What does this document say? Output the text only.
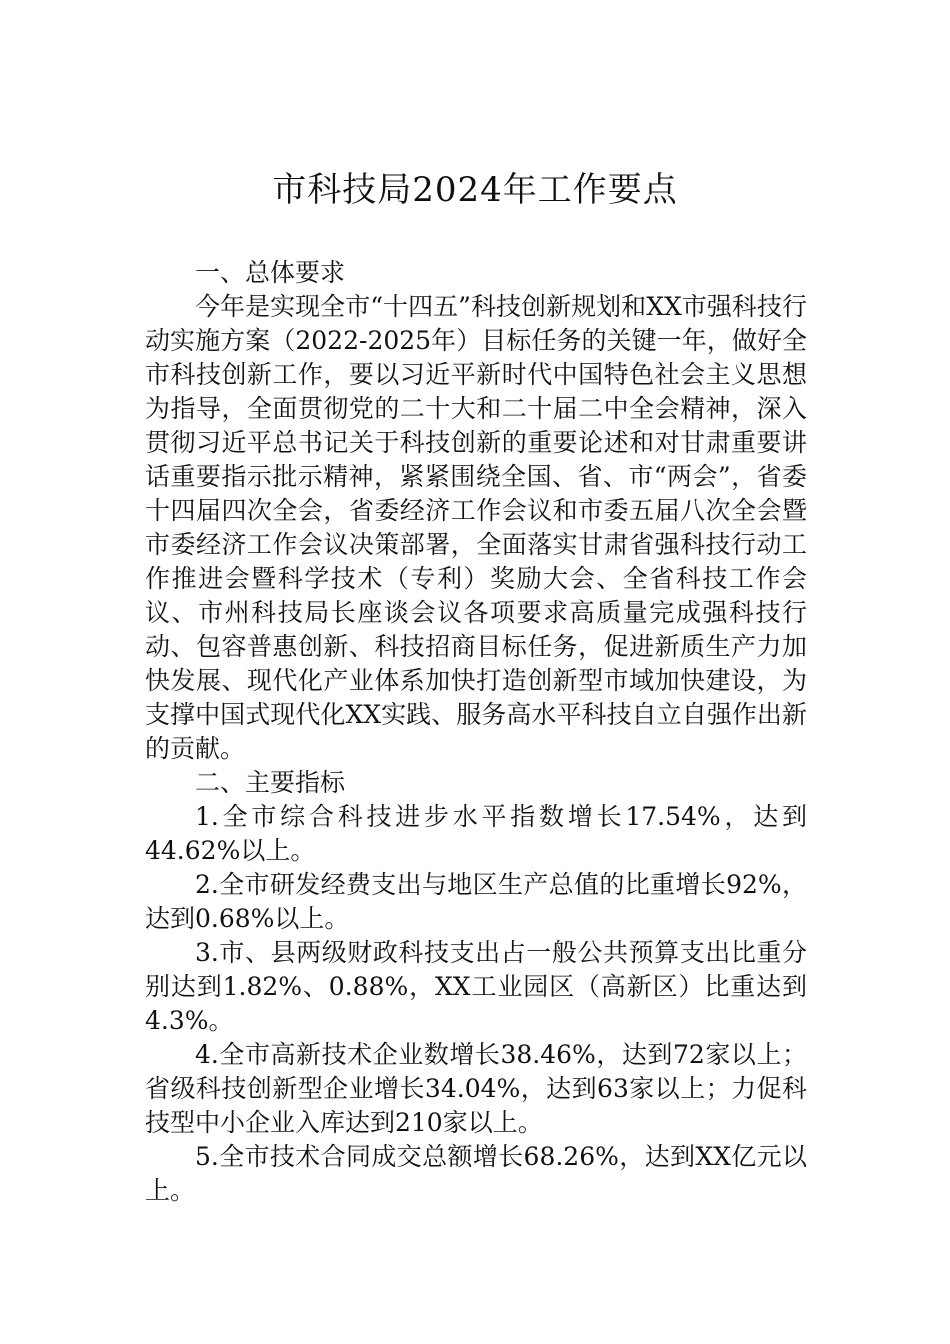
市科技局2024年工作要点

一、总体要求

今年是实现全市“十四五”科技创新规划和XX市强科技行动实施方案（2022-2025年）目标任务的关键一年，做好全市科技创新工作，要以习近平新时代中国特色社会主义思想为指导，全面贯彻党的二十大和二十届二中全会精神，深入贯彻习近平总书记关于科技创新的重要论述和对甘肃重要讲话重要指示批示精神，紧紧围绕全国、省、市“两会”，省委十四届四次全会，省委经济工作会议和市委五届八次全会暨市委经济工作会议决策部署，全面落实甘肃省强科技行动工作推进会暨科学技术（专利）奖励大会、全省科技工作会议、市州科技局长座谈会议各项要求高质量完成强科技行动、包容普惠创新、科技招商目标任务，促进新质生产力加快发展、现代化产业体系加快打造创新型市域加快建设，为支撑中国式现代化XX实践、服务高水平科技自立自强作出新的贡献。

二、主要指标

1.全市综合科技进步水平指数增长17.54%，达到44.62%以上。

2.全市研发经费支出与地区生产总值的比重增长92%，达到0.68%以上。

3.市、县两级财政科技支出占一般公共预算支出比重分别达到1.82%、0.88%，XX工业园区（高新区）比重达到4.3%。

4.全市高新技术企业数增长38.46%，达到72家以上；省级科技创新型企业增长34.04%，达到63家以上；力促科技型中小企业入库达到210家以上。

5.全市技术合同成交总额增长68.26%，达到XX亿元以上。
